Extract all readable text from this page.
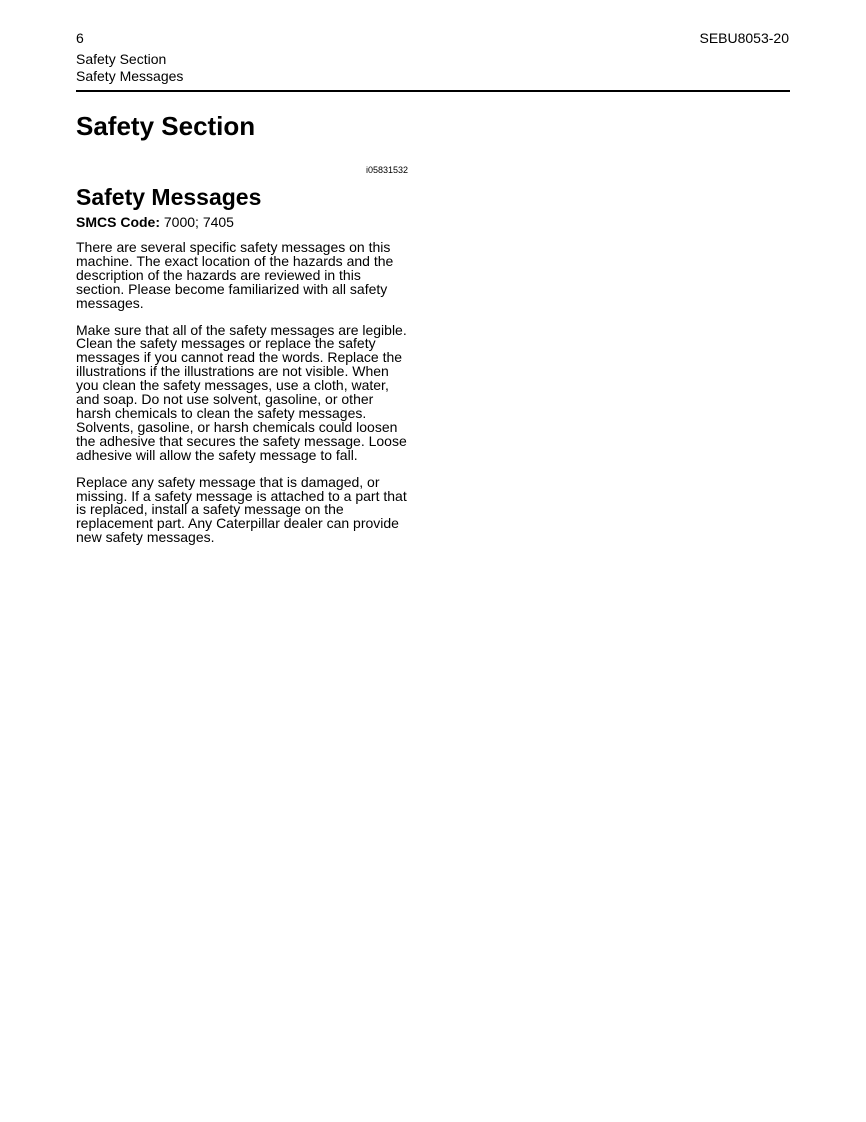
6	SEBU8053-20
Safety Section
Safety Messages
Safety Section

i05831532

Safety Messages

SMCS Code: 7000; 7405

There are several specific safety messages on this machine. The exact location of the hazards and the description of the hazards are reviewed in this section. Please become familiarized with all safety messages.

Make sure that all of the safety messages are legible. Clean the safety messages or replace the safety messages if you cannot read the words. Replace the illustrations if the illustrations are not visible. When you clean the safety messages, use a cloth, water, and soap. Do not use solvent, gasoline, or other harsh chemicals to clean the safety messages. Solvents, gasoline, or harsh chemicals could loosen the adhesive that secures the safety message. Loose adhesive will allow the safety message to fall.

Replace any safety message that is damaged, or missing. If a safety message is attached to a part that is replaced, install a safety message on the replacement part. Any Caterpillar dealer can provide new safety messages.
